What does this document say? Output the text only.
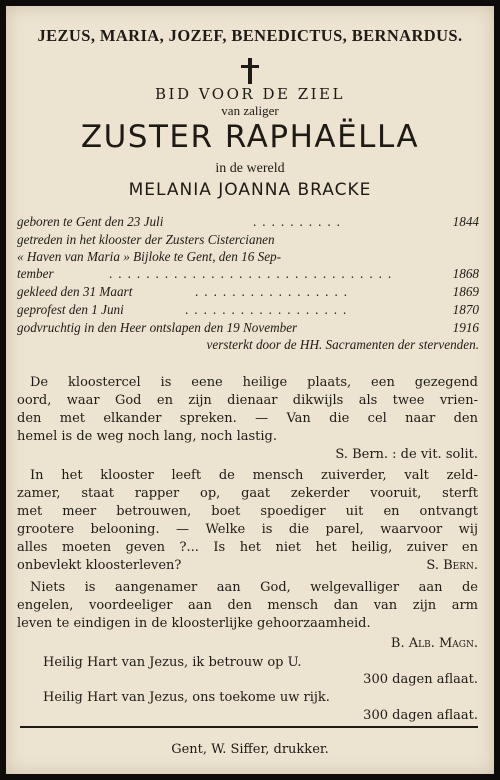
JEZUS, MARIA, JOZEF, BENEDICTUS, BERNARDUS.
BID VOOR DE ZIEL
van zaliger
ZUSTER RAPHAËLLA
in de wereld
MELANIA JOANNA BRACKE
geboren te Gent den 23 Juli	..........	1844
getreden in het klooster der Zusters Cistercianen
« Haven van Maria » Bijloke te Gent, den 16 Sep-
tember	...............................	1868
gekleed den 31 Maart	.................	1869
geprofest den 1 Juni	..................	1870
godvruchtig in den Heer ontslapen den 19 November	1916
versterkt door de HH. Sacramenten der stervenden.
De kloostercel is eene heilige plaats, een gezegend
oord, waar God en zijn dienaar dikwijls als twee vrien-
den met elkander spreken. — Van die cel naar den
hemel is de weg noch lang, noch lastig.
S. Bern. : de vit. solit.
In het klooster leeft de mensch zuiverder, valt zeld-
zamer, staat rapper op, gaat zekerder vooruit, sterft
met meer betrouwen, boet spoediger uit en ontvangt
grootere belooning. — Welke is die parel, waarvoor wij
alles moeten geven ?... Is het niet het heilig, zuiver en
onbevlekt kloosterleven?	S. Bern.
Niets is aangenamer aan God, welgevalliger aan de
engelen, voordeeliger aan den mensch dan van zijn arm
leven te eindigen in de kloosterlijke gehoorzaamheid.
B. Alb. Magn.
Heilig Hart van Jezus, ik betrouw op U.
300 dagen aflaat.
Heilig Hart van Jezus, ons toekome uw rijk.
300 dagen aflaat.
Gent, W. Siffer, drukker.
